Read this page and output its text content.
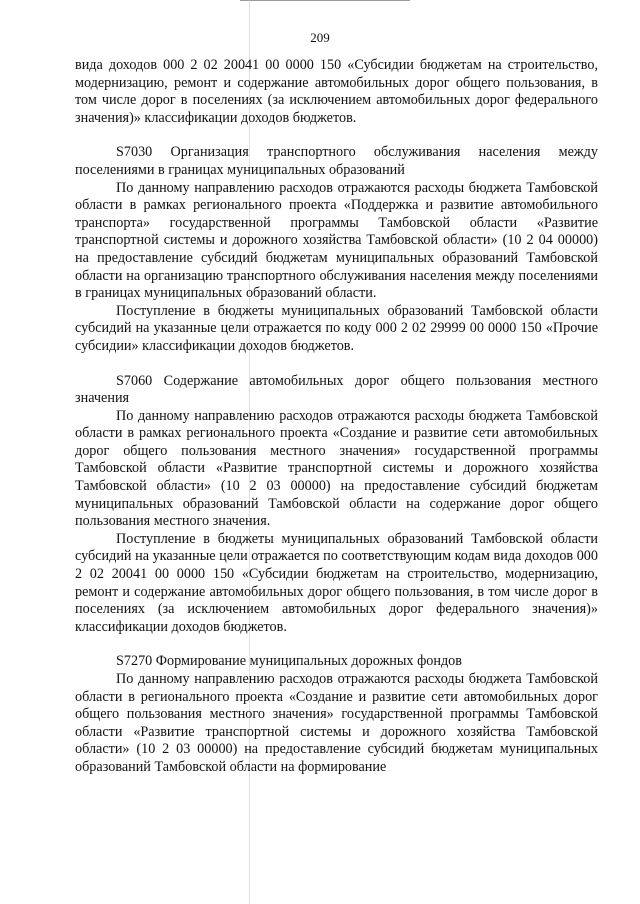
209

вида доходов 000 2 02 20041 00 0000 150 «Субсидии бюджетам на строительство, модернизацию, ремонт и содержание автомобильных дорог общего пользования, в том числе дорог в поселениях (за исключением автомобильных дорог федерального значения)» классификации доходов бюджетов.

S7030 Организация транспортного обслуживания населения между поселениями в границах муниципальных образований

По данному направлению расходов отражаются расходы бюджета Тамбовской области в рамках регионального проекта «Поддержка и развитие автомобильного транспорта» государственной программы Тамбовской области «Развитие транспортной системы и дорожного хозяйства Тамбовской области» (10 2 04 00000) на предоставление субсидий бюджетам муниципальных образований Тамбовской области на организацию транспортного обслуживания населения между поселениями в границах муниципальных образований области.

Поступление в бюджеты муниципальных образований Тамбовской области субсидий на указанные цели отражается по коду 000 2 02 29999 00 0000 150 «Прочие субсидии» классификации доходов бюджетов.

S7060 Содержание автомобильных дорог общего пользования местного значения

По данному направлению расходов отражаются расходы бюджета Тамбовской области в рамках регионального проекта «Создание и развитие сети автомобильных дорог общего пользования местного значения» государственной программы Тамбовской области «Развитие транспортной системы и дорожного хозяйства Тамбовской области» (10 2 03 00000) на предоставление субсидий бюджетам муниципальных образований Тамбовской области на содержание дорог общего пользования местного значения.

Поступление в бюджеты муниципальных образований Тамбовской области субсидий на указанные цели отражается по соответствующим кодам вида доходов 000 2 02 20041 00 0000 150 «Субсидии бюджетам на строительство, модернизацию, ремонт и содержание автомобильных дорог общего пользования, в том числе дорог в поселениях (за исключением автомобильных дорог федерального значения)» классификации доходов бюджетов.

S7270 Формирование муниципальных дорожных фондов

По данному направлению расходов отражаются расходы бюджета Тамбовской области в регионального проекта «Создание и развитие сети автомобильных дорог общего пользования местного значения» государственной программы Тамбовской области «Развитие транспортной системы и дорожного хозяйства Тамбовской области» (10 2 03 00000) на предоставление субсидий бюджетам муниципальных образований Тамбовской области на формирование
